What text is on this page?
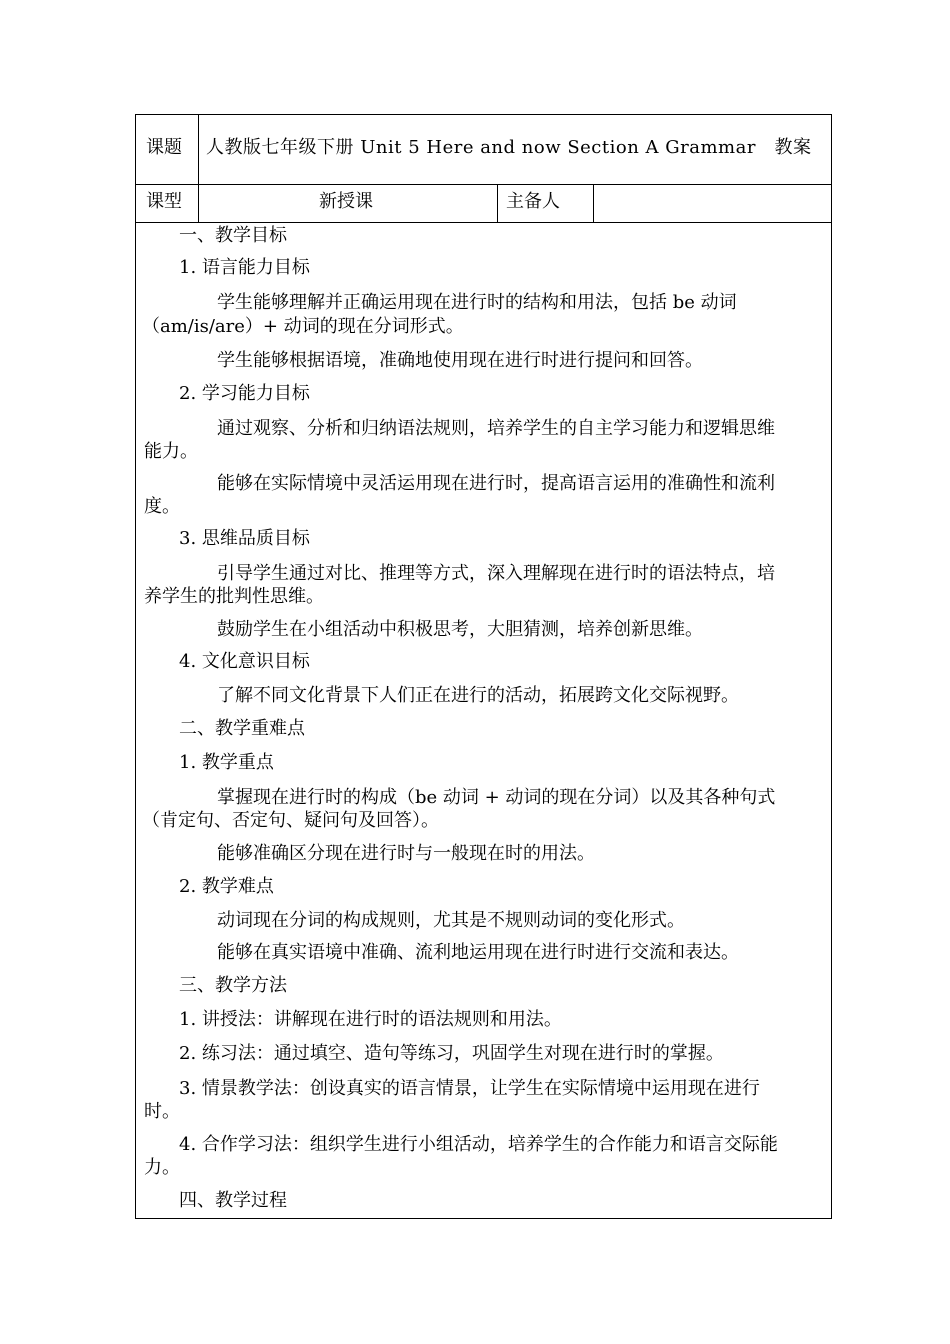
课题 人教版七年级下册 Unit 5 Here and now Section A Grammar　教案
课型	新授课	主备人
一、教学目标
1. 语言能力目标
学生能够理解并正确运用现在进行时的结构和用法，包括 be 动词
（am/is/are）+ 动词的现在分词形式。
学生能够根据语境，准确地使用现在进行时进行提问和回答。
2. 学习能力目标
通过观察、分析和归纳语法规则，培养学生的自主学习能力和逻辑思维
能力。
能够在实际情境中灵活运用现在进行时，提高语言运用的准确性和流利
度。
3. 思维品质目标
引导学生通过对比、推理等方式，深入理解现在进行时的语法特点，培
养学生的批判性思维。
鼓励学生在小组活动中积极思考，大胆猜测，培养创新思维。
4. 文化意识目标
了解不同文化背景下人们正在进行的活动，拓展跨文化交际视野。
二、教学重难点
1. 教学重点
掌握现在进行时的构成（be 动词 + 动词的现在分词）以及其各种句式
（肯定句、否定句、疑问句及回答）。
能够准确区分现在进行时与一般现在时的用法。
2. 教学难点
动词现在分词的构成规则，尤其是不规则动词的变化形式。
能够在真实语境中准确、流利地运用现在进行时进行交流和表达。
三、教学方法
1. 讲授法：讲解现在进行时的语法规则和用法。
2. 练习法：通过填空、造句等练习，巩固学生对现在进行时的掌握。
3. 情景教学法：创设真实的语言情景，让学生在实际情境中运用现在进行
时。
4. 合作学习法：组织学生进行小组活动，培养学生的合作能力和语言交际能
力。
四、教学过程
